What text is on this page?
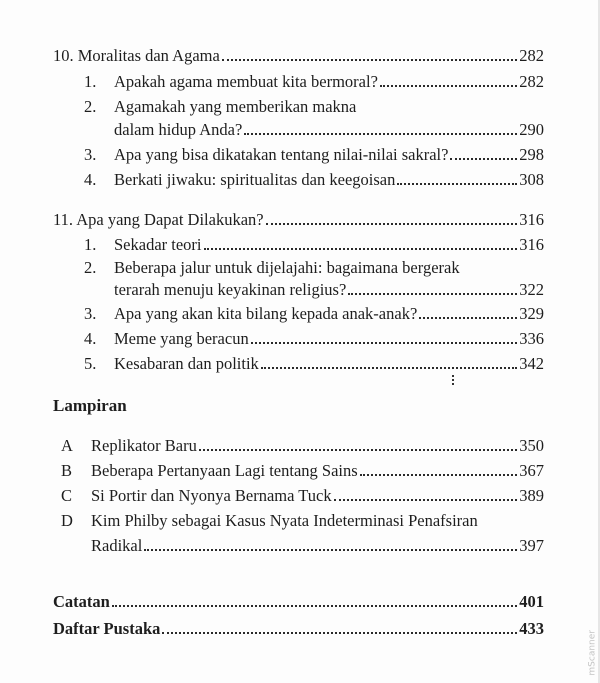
10. Moralitas dan Agama	282
1.	Apakah agama membuat kita bermoral?	282
2. Agamakah yang memberikan makna
dalam hidup Anda?	290
3.	Apa yang bisa dikatakan tentang nilai-nilai sakral?	298
4.	Berkati jiwaku: spiritualitas dan keegoisan	308
11. Apa yang Dapat Dilakukan?	316
1.	Sekadar teori	316
2. Beberapa jalur untuk dijelajahi: bagaimana bergerak
terarah menuju keyakinan religius?	322
3.	Apa yang akan kita bilang kepada anak-anak?	329
4.	Meme yang beracun	336
5.	Kesabaran dan politik	342
Lampiran
A	Replikator Baru	350
B	Beberapa Pertanyaan Lagi tentang Sains	367
C	Si Portir dan Nyonya Bernama Tuck	389
D Kim Philby sebagai Kasus Nyata Indeterminasi Penafsiran
Radikal	397
Catatan	401
Daftar Pustaka	433
mScanner
